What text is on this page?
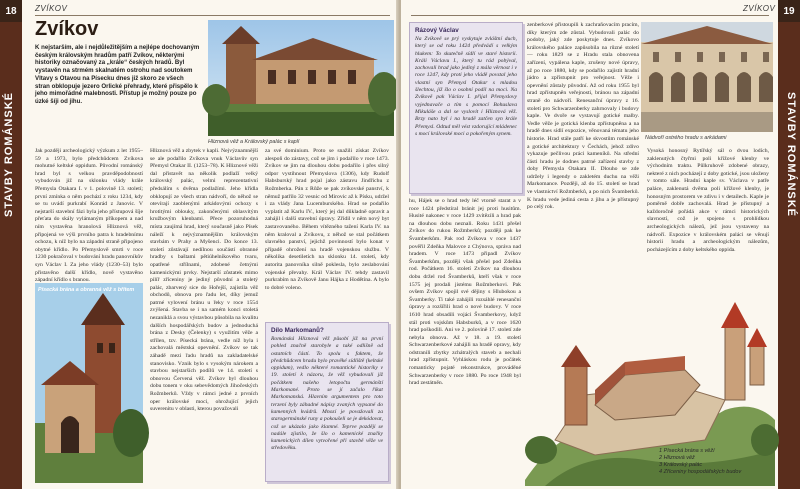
18
STAVBY ROMÁNSKÉ
ZVÍKOV
Zvíkov
K nejstarším, ale i nejdůležitějším a nejlépe dochovaným českým královským hradům patří Zvíkov, některými historiky označovaný za „krále“ českých hradů. Byl vystavěn na strmém skalnatém ostrohu nad soutokem Vltavy s Otavou na Písecku dnes již skoro ze všech stran obklopuje jezero Orlické přehrady, které přispělo k jeho mimořádné malebnosti. Přístup je možný pouze po úzké šíji od jihu.
Hliznová věž a Královský palác s kaplí
Jak později archeologický výzkum z let 1955–59 a 1973, bylo předchůdcem Zvíkova mohutné keltské oppidum. Původní románský hrad byl s velkou pravděpodobností vybudován již na sklonku vlády krále Přemysla Otakara I. v 1. polovině 13. století; první zmínka o něm pochází z roku 1234, kdy se tu uvádí purkrabí Konrád z Janovic. V nejstarší stavební fázi byla jeho přístupová šíje přeťata do skály vylámaným příkopem a nad ním vystavěna hranolová Hliznová věž, připojená ve výši prvního patra k hradebnímu ochozu, k níž bylo na západní straně připojeno obytné křídlo. Po Přemyslově smrti v roce 1230 pokračoval v budování hradu panovníkův syn Václav I. Za jeho vlády (1230–53) bylo přistavěno další křídlo, nově vystavěno západní křídlo s branou.
Hliznová věž a zbytek v kapli. Nejvýznamnější se ale podařilo Zvíkova vnuk Václavův syn Přemysl Otakar II. (1253–78). K Hliznové věži dal přistavět na několik podlaží velký královský palác, velmi reprezentativní předsálím s dvěma podlažími. Jeho křídla obklopují ze všech stran nádvoří, do něhož se otevírají zaoblenými arkádovými ochozy s hrotitými oblouky, zakončenými oblasvitým kružbovým klenbami. Přece pozoruhodná místa zaujímá hrad, který současně jako Písek náleží k nejvýznamnějším královským stavbám v Prahy a Myšenci. Do konce 13. století zůstávají nedílnou součástí obranné hradby s baštami pětiúhelníkového tvaru, opatřené střílnami, zdobené četnými kamenickými prvky. Nejstarší zůstatek mimo pilíř zříceniny je jediný původní a stoletý palác, zbarvený sice do Hořejší, zajistila věž obchodů, obnova pro řadu let, díky jemuž patrné vylovení bránu u řeky v roce 1554 zvýšená. Stavba se i na samém konci stoletá nezaniklá a svou výstavbou působila na kvalitu dalších hospodářských budov a jednoduchá brána z Desky (Čelenky) s využitím věže a střílen, tzv. Písecká brána, vedle níž byla i zachovalá městská opevnění. Zvíkov se tak záhadě mezi řadu hradů na zakladatelské stanovisko. Vznik bylo s vysokým nárokem a stavbou nejstarších podílů ve 14. století s obnovou Červená věž. Zvíkov byl dlouhou dobu tonem v oku sebevědomých Jihočeských Rožmberků. Vždy v rámci jedné z prvních oper královské moci, ohrožující jejich suverenitu v oblasti, kterou považovali
za své dominium. Proto se snažili získat Zvíkov alespoň do zástavy, což se jim i podařilo v roce 1473. Zvíkov se jim na dlouhou dobu podařilo i přes silný odpor vystihnout Přemyslova (1306), kdy Rudolf Habsburský hrad pojal jako zástavu Jindřichu z Rožmberka. Pán z Růže se pak zvíkovské panství, k němuž patřilo 32 vesnic od Mirovic až k Písku, udržel i za vlády Jana Lucemburského. Hrad se podařilo vyplatit až Karlu IV., který jej dal důkladně opravit a zahájil i další stavební úpravy. Zřídil v něm nový byt zastavovaného. Během vítězného tažení Karla IV. na něm kraloval a Zvíkovu, z něhož se stal počátkem slavného panství, jejichž povinností bylo konat v případě ohrožení na hradě vojenskou službu. V několika desetiletích na sklonku 14. století, kdy autorita panovníka silně poklesla, bylo zeslabování vojenské převahy. Král Václav IV. tehdy zastavil purkrabím na Zvíkově Janu Hájka z Hodětína. A bylo to dobré voleno.
Písecká brána a obranná věž s břitem
Dílo Markomanů?
Románská Hliznová věž působí již na první pohled značně starobyle a také odlišně od ostatních částí. To spolu s faktem, že předchůdcem hradu bylo pravěké sídliště (keltské oppidum), vedlo některé romantické historiky v 19. století k názoru, že věž vybudovali již počátkem našeho letopočtu germánští Markomané. Proto se jí začalo říkat Markomanská. Hlavním argumentem pro toto tvrzení byly záhadné nápisy zvaných vypsané do kamenných kvádrů. Mnozí je považovali za starogermánské runy a pokoušeli se je dekódovat, což se ukázalo jako klamné. Teprve později se nadále zjistilo, že šlo o kamenické značky kamenických dílen vytvořené při stavbě věže ve středověku.
19
STAVBY ROMÁNSKÉ
ZVÍKOV
Rázový Václav
Na Zvíkově se prý vyskytuje zvláštní duch, který se od roku 1424 předvádí s velkým hlukem: To skutečně sídlí ve staré historii. Králi Václavu I., který tu rád pobýval, zachovali hrad jako jediný z mála věrnost i v roce 1247, kdy proti jeho vládě povstal jeho vlastní syn Přemysl Otakar s mladou šlechtou, jíž šlo o osobní podíl na moci. Na Zvíkově pak Václav I. přijal Přemyslovy vyjednavače a tím s pomocí Bohuslava Mikuláše a dal se vyslovit i Hliznová věž. Brzy nato byl i na hradě zatčen syn krále Přemysl. Odtud měl vést vzdorující mládenec s mocí královské moci a pokořeným synem.
hu, Hájek se o hrad tedy léč vtorně starat a v roce 1424 předstíral bránit jej proti husitům. Husité nakonec v roce 1429 zvítězili a hrad pak na dlouhou dobu neznali. Roku 1431 přešel Zvíkov do rukou Rožmberků; později pak ke Švamberkům. Pak rod Zvíkova v roce 1437 pověřil Zdeňka Malovce z Chýnova, správa nad hradem. V roce 1473 připadl Zvíkov Švamberkům, později však přešel pod Zdeňka rod. Počátkem 16. století Zvíkov na dlouhou dobu držel rod Švamberků, kteří však v roce 1575 jej prodali jistému Rožmberkovi. Pak ovšem Zvíkov spojil své dějiny s Hlubokou a Švamberky. Ti také zahájili rozsáhlé renesanční úpravy a rozšířili hrad o nové budovy. V roce 1610 hrad obsadili vojáci Švamberkovy, když stál proti vojskům Habsburků, a v roce 1620 hrad poškodili. Ani ve 2. polovině 17. století zde nebyla obnova. Až v 18. a 19. století Schwarzenberkové zahájili na hradě opravy, kdy odstranili zbytky zchátralých staveb a nechali hrad zpřístupnit. Vyhláskou rodu je počátek romanticky pojaté rekonstrukce, prováděné Schwarzenberky v roce 1880. Po roce 1948 byl hrad zestátněn.
zenberkové přistoupili k zachraňovacím pracím, díky kterým zde zůstal. Vybudovali palác do podoby, jaký zde poskytuje dnes. Zvíkovo královského paláce zapůsobila na různé století — roku 1829 se z Hradu stala obnovena zařízení, vypálena kaple, zrušeny nové úpravy, až po roce 1880, kdy se podařilo zajistit hradní jádro a zpřístupnit pro veřejnost. Věže i opevnění zůstaly původní. Až od roku 1955 byl hrad zpřístupněn veřejnosti, bránou na západní straně do nádvoří. Renesanční úpravy z 16. století pro Schwarzenberky zahrnovaly i budovy kaple. Ve dvoře se vystavují gotické malby. Vedle věže je gotická klenba zpřístupněna a na hradě dnes sídlí expozice, věnovaná tématu jeho historie. Hrad stále patří ke skvostům románské a gotické architektury v Čechách, jehož zdivo vykazuje pečlivou práci kameníků. Na střední části hradu je dodnes patrné zařízení stavby z doby Přemysla Otakara II. Dlouho se zde udržely i legendy o zakletém duchu na věži Markomance. Později, až do 15. století se hrad ve vlastnictví Rožmberků, a po nich Švamberků. K hradu vede jediná cesta z jihu a je přístupný po celý rok.
Nádvoří ostrého hradu s arkádami
Vysoká honosný Rytířský sál o dvou lodích, zaklenutých čtyřmi poli křížové klenby ve východním traktu. Půlkruhově zdobené obrazy, nekteré z nich pocházejí z doby gotické, jsou uloženy v tomto sále. Hradní kaple sv. Václava v patře paláce, zaklenutá dvěma poli křížové klenby, je honosným prostorem ve zdivu i v detailech. Kaple je poměrně dobře zachovalá. Hrad je přístupný a každoročně pořádá akce v rámci historických slavností, což je spojeno s prohlídkou archeologických nálezů, jež jsou vystaveny na nádvoří. Expozice v královském paláci se věnují historii hradu a archeologickým nálezům, pocházejícím z doby keltského oppida.
1 Písecká brána s věží
2 Hliznová věž
3 Královský palác
4 Zříceniny hospodářských budov
